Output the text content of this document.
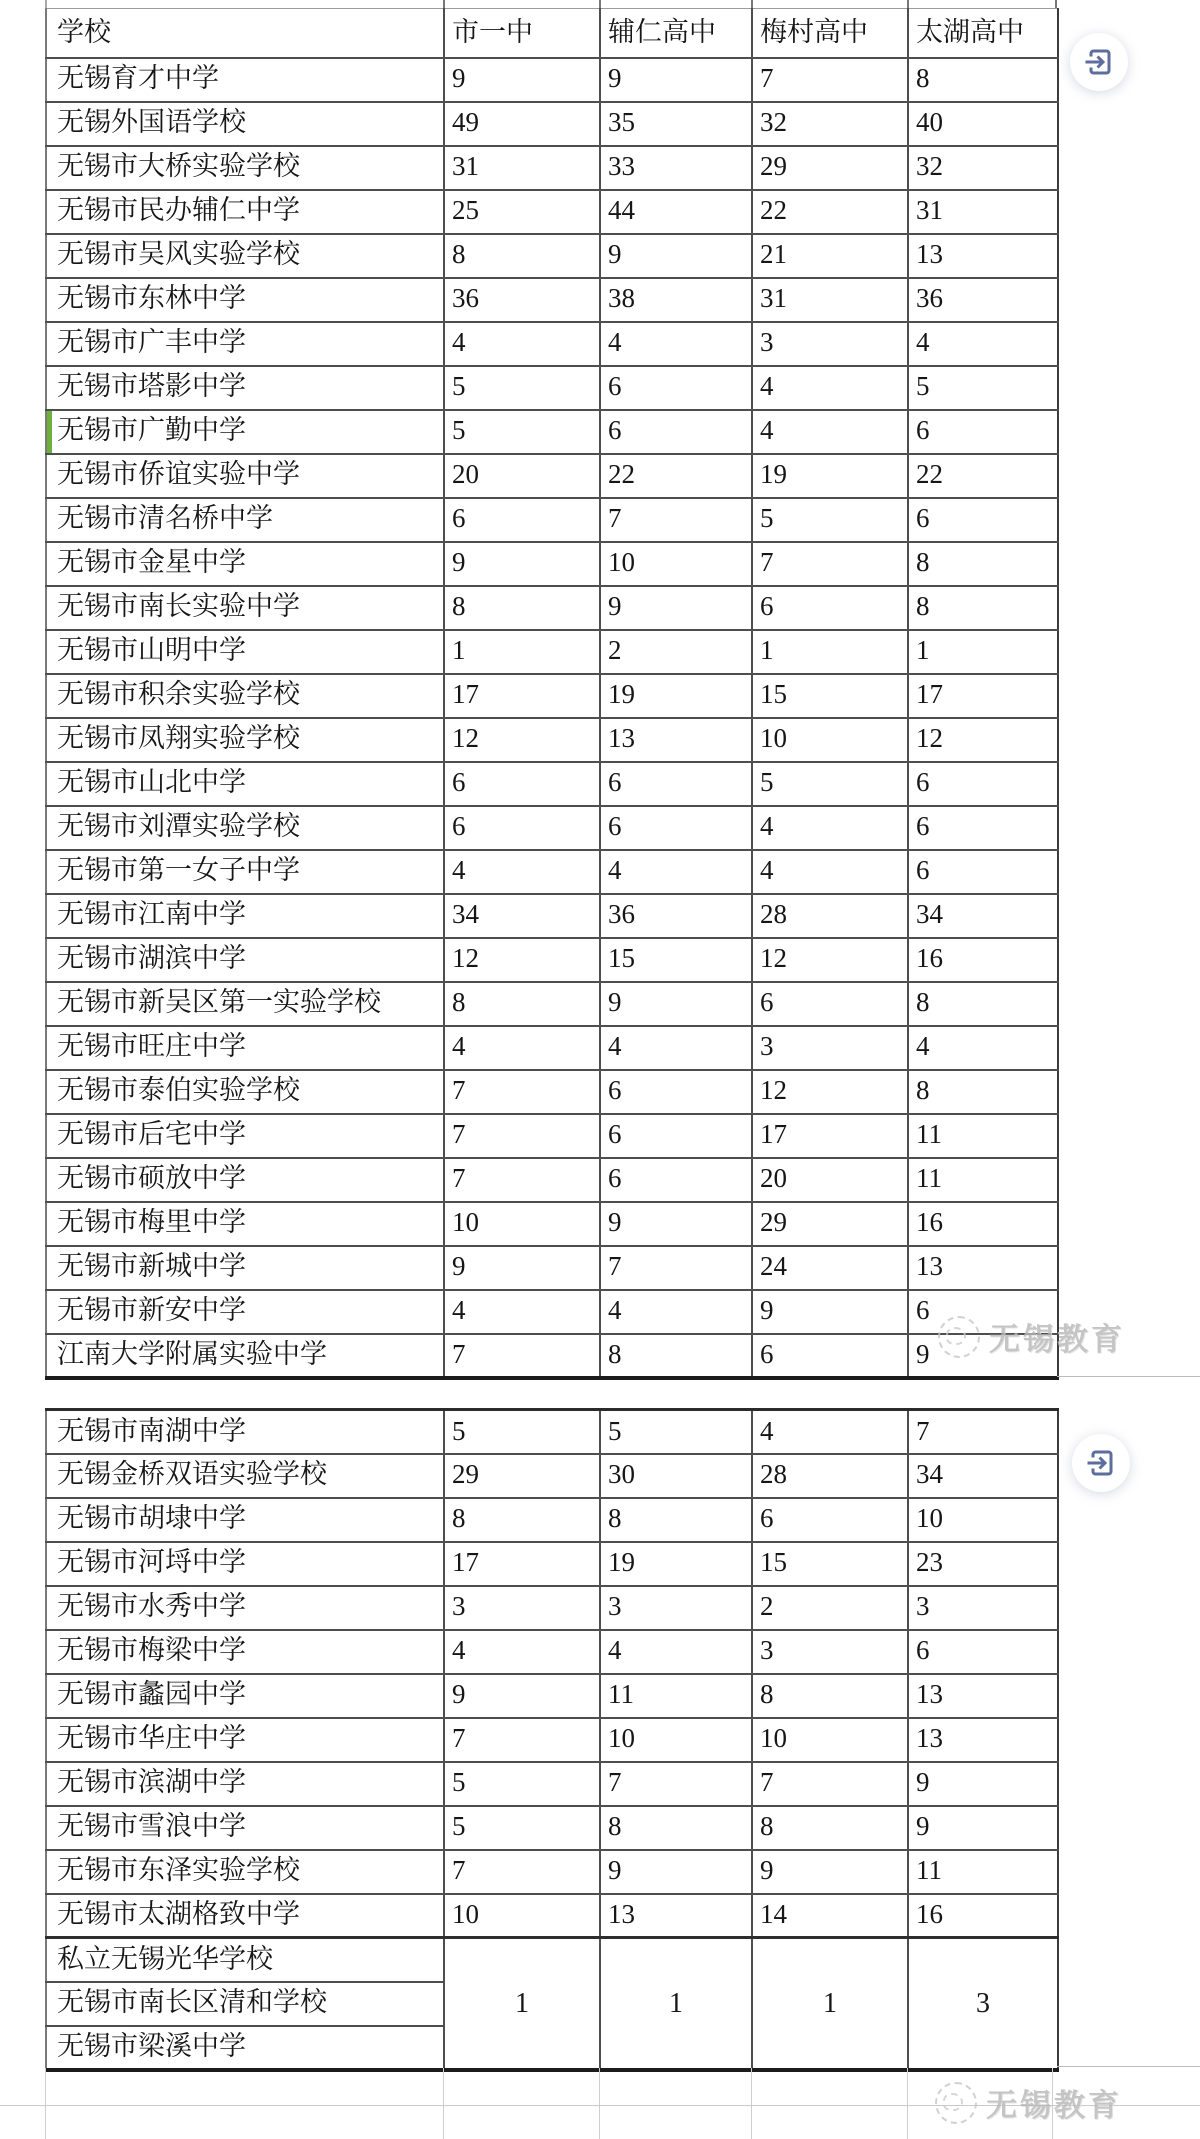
学校	市一中	辅仁高中	梅村高中	太湖高中
无锡育才中学	9	9	7	8
无锡外国语学校	49	35	32	40
无锡市大桥实验学校	31	33	29	32
无锡市民办辅仁中学	25	44	22	31
无锡市吴风实验学校	8	9	21	13
无锡市东林中学	36	38	31	36
无锡市广丰中学	4	4	3	4
无锡市塔影中学	5	6	4	5
无锡市广勤中学	5	6	4	6
无锡市侨谊实验中学	20	22	19	22
无锡市清名桥中学	6	7	5	6
无锡市金星中学	9	10	7	8
无锡市南长实验中学	8	9	6	8
无锡市山明中学	1	2	1	1
无锡市积余实验学校	17	19	15	17
无锡市凤翔实验学校	12	13	10	12
无锡市山北中学	6	6	5	6
无锡市刘潭实验学校	6	6	4	6
无锡市第一女子中学	4	4	4	6
无锡市江南中学	34	36	28	34
无锡市湖滨中学	12	15	12	16
无锡市新吴区第一实验学校	8	9	6	8
无锡市旺庄中学	4	4	3	4
无锡市泰伯实验学校	7	6	12	8
无锡市后宅中学	7	6	17	11
无锡市硕放中学	7	6	20	11
无锡市梅里中学	10	9	29	16
无锡市新城中学	9	7	24	13
无锡市新安中学	4	4	9	6
江南大学附属实验中学	7	8	6	9
无锡市南湖中学	5	5	4	7
无锡金桥双语实验学校	29	30	28	34
无锡市胡埭中学	8	8	6	10
无锡市河埒中学	17	19	15	23
无锡市水秀中学	3	3	2	3
无锡市梅梁中学	4	4	3	6
无锡市蠡园中学	9	11	8	13
无锡市华庄中学	7	10	10	13
无锡市滨湖中学	5	7	7	9
无锡市雪浪中学	5	8	8	9
无锡市东泽实验学校	7	9	9	11
无锡市太湖格致中学	10	13	14	16
私立无锡光华学校	1	1	1	3
无锡市南长区清和学校				
无锡市梁溪中学				
无锡教育
无锡教育
